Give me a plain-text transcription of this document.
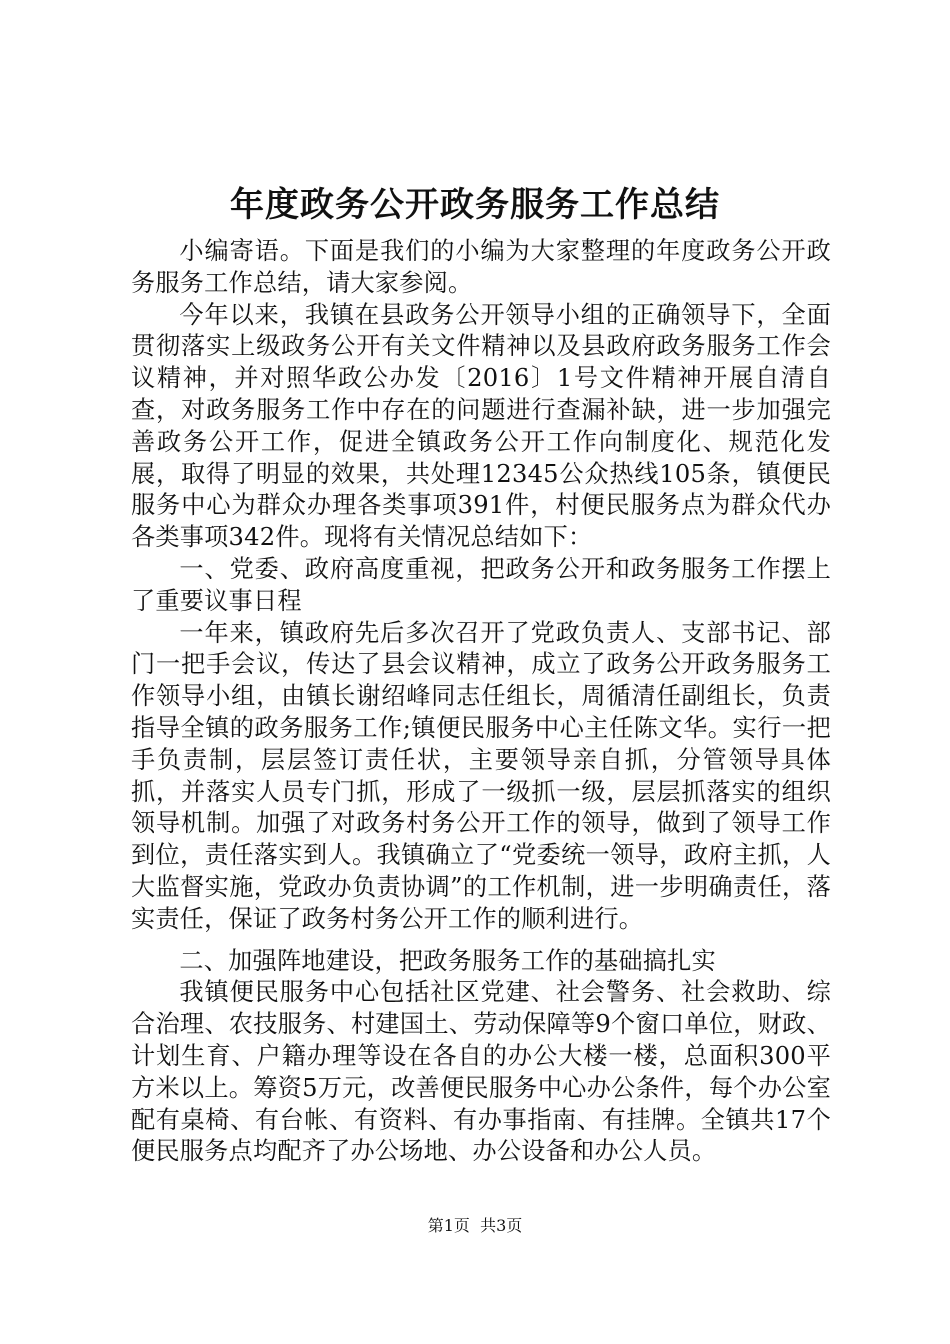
年度政务公开政务服务工作总结

小编寄语。下面是我们的小编为大家整理的年度政务公开政务服务工作总结，请大家参阅。

今年以来，我镇在县政务公开领导小组的正确领导下，全面贯彻落实上级政务公开有关文件精神以及县政府政务服务工作会议精神，并对照华政公办发〔2016〕1号文件精神开展自清自查，对政务服务工作中存在的问题进行查漏补缺，进一步加强完善政务公开工作，促进全镇政务公开工作向制度化、规范化发展，取得了明显的效果，共处理12345公众热线105条，镇便民服务中心为群众办理各类事项391件，村便民服务点为群众代办各类事项342件。现将有关情况总结如下：

一、党委、政府高度重视，把政务公开和政务服务工作摆上了重要议事日程

一年来，镇政府先后多次召开了党政负责人、支部书记、部门一把手会议，传达了县会议精神，成立了政务公开政务服务工作领导小组，由镇长谢绍峰同志任组长，周循清任副组长，负责指导全镇的政务服务工作;镇便民服务中心主任陈文华。实行一把手负责制，层层签订责任状，主要领导亲自抓，分管领导具体抓，并落实人员专门抓，形成了一级抓一级，层层抓落实的组织领导机制。加强了对政务村务公开工作的领导，做到了领导工作到位，责任落实到人。我镇确立了“党委统一领导，政府主抓，人大监督实施，党政办负责协调”的工作机制，进一步明确责任，落实责任，保证了政务村务公开工作的顺利进行。

二、加强阵地建设，把政务服务工作的基础搞扎实

我镇便民服务中心包括社区党建、社会警务、社会救助、综合治理、农技服务、村建国土、劳动保障等9个窗口单位，财政、计划生育、户籍办理等设在各自的办公大楼一楼，总面积300平方米以上。筹资5万元，改善便民服务中心办公条件，每个办公室配有桌椅、有台帐、有资料、有办事指南、有挂牌。全镇共17个便民服务点均配齐了办公场地、办公设备和办公人员。

第1页  共3页
